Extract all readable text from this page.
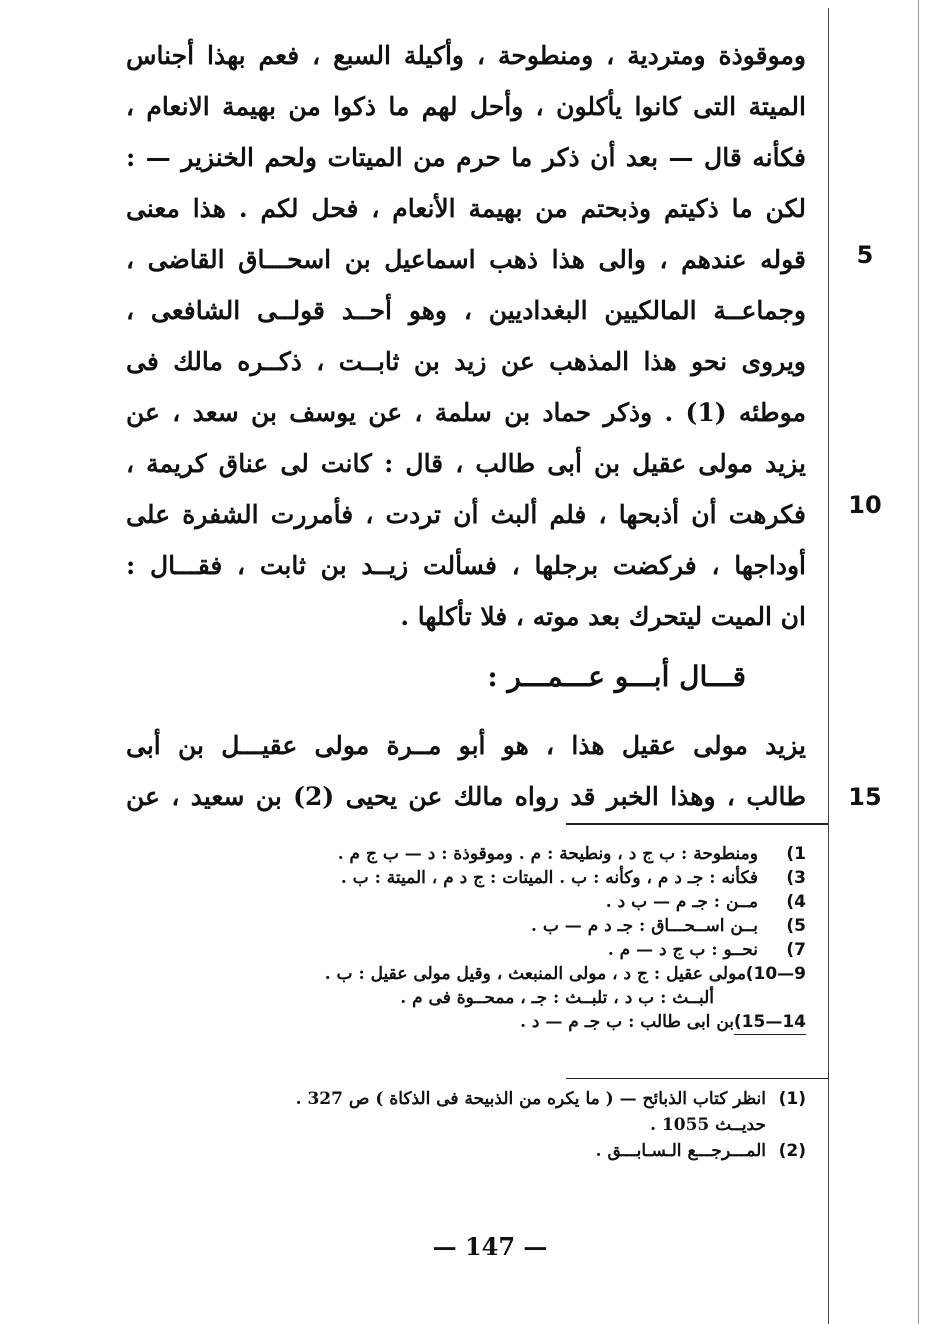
وموقوذة ومتردية ، ومنطوحة ، وأكيلة السبع ، فعم بهذا أجناس
الميتة التى كانوا يأكلون ، وأحل لهم ما ذكوا من بهيمة الانعام ،
فكأنه قال — بعد أن ذكر ما حرم من الميتات ولحم الخنزير — :
لكن ما ذكيتم وذبحتم من بهيمة الأنعام ، فحل لكم . هذا معنى
قوله عندهم ، والى هذا ذهب اسماعيل بن اسحـــاق القاضى ،
وجماعــة المالكيين البغداديين ، وهو أحــد قولــى الشافعى ،
ويروى نحو هذا المذهب عن زيد بن ثابــت ، ذكــره مالك فى
موطئه (1) . وذكر حماد بن سلمة ، عن يوسف بن سعد ، عن
يزيد مولى عقيل بن أبى طالب ، قال : كانت لى عناق كريمة ،
فكرهت أن أذبحها ، فلم ألبث أن تردت ، فأمررت الشفرة على
أوداجها ، فركضت برجلها ، فسألت زيــد بن ثابت ، فقـــال :
ان الميت ليتحرك بعد موته ، فلا تأكلها .
5
10
15
قـــال أبـــو عـــمـــر :
يزيد مولى عقيل هذا ، هو أبو مــرة مولى عقيـــل بن أبى
طالب ، وهذا الخبر قد رواه مالك عن يحيى (2) بن سعيد ، عن
1)
ومنطوحة : ب ج د ، ونطيحة : م . وموقوذة : د — ب ج م .
3)
فكأنه : جـ د م ، وكأنه : ب . الميتات : ج د م ، الميتة : ب .
4)
مــن : جـ م — ب د .
5)
بــن اســحـــاق : جـ د م — ب .
7)
نحــو : ب ج د — م .
9—10)
مولى عقيل : ج د ، مولى المنبعث ، وقيل مولى عقيل : ب .
ألبــث : ب د ، تلبــث : جـ ، ممحــوة فى م .
14—15)
بن ابى طالب : ب جـ م — د .
(1)
انظر كتاب الذبائح — ( ما يكره من الذبيحة فى الذكاة ) ص 327 .
حديــث 1055 .
(2)
المـــرجـــع الـسـابـــق .
— 147 —
